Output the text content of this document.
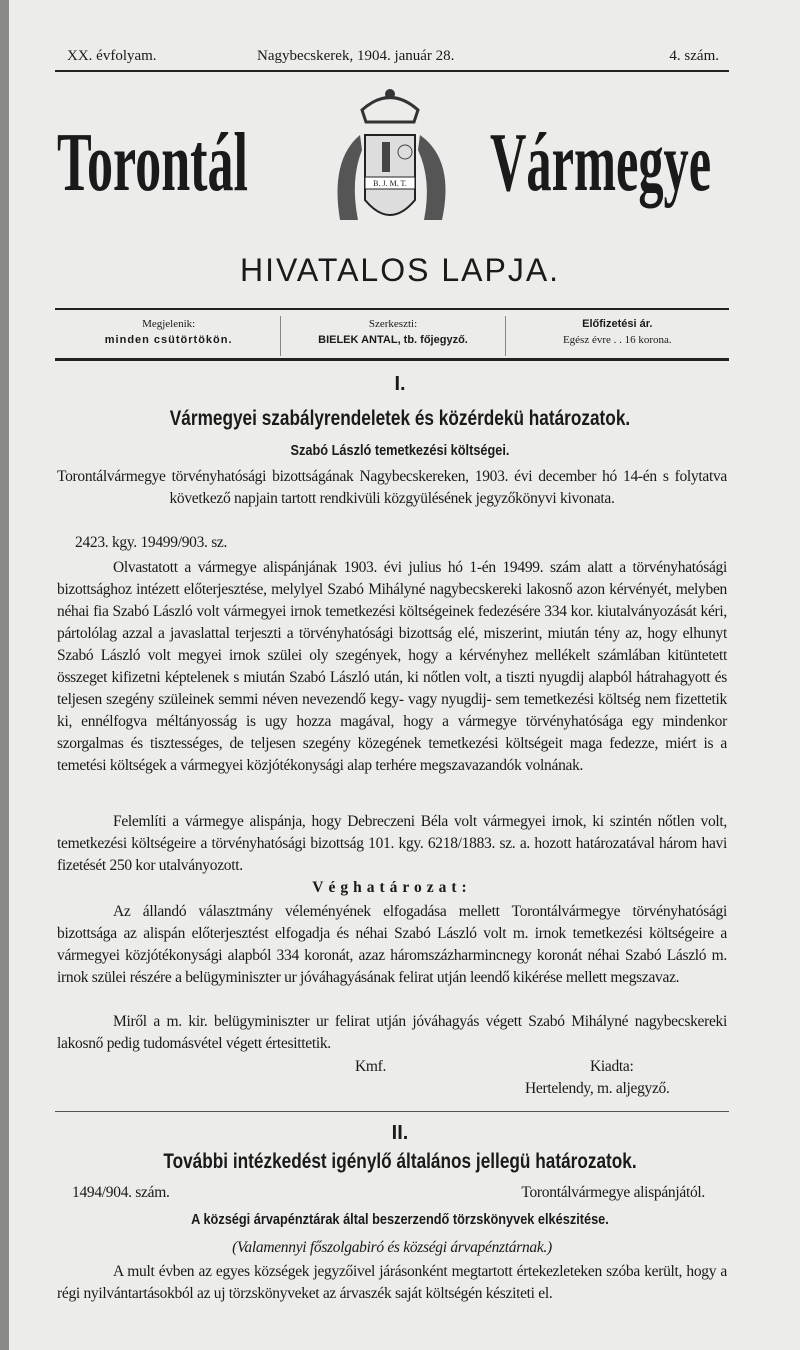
XX. évfolyam.	Nagybecskerek, 1904. január 28.	4. szám.
Torontál	B. J. M. T. Vármegye
HIVATALOS LAPJA.
Megjelenik:
minden csütörtökön.
Szerkeszti:
BIELEK ANTAL, tb. főjegyző.
Előfizetési ár.
Egész évre . . 16 korona.
I.
Vármegyei szabályrendeletek és közérdekü határozatok.
Szabó László temetkezési költségei.
Torontálvármegye törvényhatósági bizottságának Nagybecskereken, 1903. évi december hó 14-én s folytatva következő napjain tartott rendkivüli közgyülésének jegyzőkönyvi kivonata.
2423. kgy. 19499/903. sz.
Olvastatott a vármegye alispánjának 1903. évi julius hó 1-én 19499. szám alatt a törvényhatósági bizottsághoz intézett előterjesztése, melylyel Szabó Mihályné nagybecskereki lakosnő azon kérvényét, melyben néhai fia Szabó László volt vármegyei irnok temetkezési költségeinek fedezésére 334 kor. kiutalványozását kéri, pártolólag azzal a javaslattal terjeszti a törvényhatósági bizottság elé, miszerint, miután tény az, hogy elhunyt Szabó László volt megyei irnok szülei oly szegények, hogy a kérvényhez mellékelt számlában kitüntetett összeget kifizetni képtelenek s miután Szabó László után, ki nőtlen volt, a tiszti nyugdij alapból hátrahagyott és teljesen szegény szüleinek semmi néven nevezendő kegy- vagy nyugdij- sem temetkezési költség nem fizettetik ki, ennélfogva méltányosság is ugy hozza magával, hogy a vármegye törvényhatósága egy mindenkor szorgalmas és tisztességes, de teljesen szegény közegének temetkezési költségeit maga fedezze, miért is a temetési költségek a vármegyei közjótékonysági alap terhére megszavazandók volnának.
Felemlíti a vármegye alispánja, hogy Debreczeni Béla volt vármegyei irnok, ki szintén nőtlen volt, temetkezési költségeire a törvényhatósági bizottság 101. kgy. 6218/1883. sz. a. hozott határozatával három havi fizetését 250 kor utalványozott.
Véghatározat:
Az állandó választmány véleményének elfogadása mellett Torontálvármegye törvényhatósági bizottsága az alispán előterjesztést elfogadja és néhai Szabó László volt m. irnok temetkezési költségeire a vármegyei közjótékonysági alapból 334 koronát, azaz háromszázharmincnegy koronát néhai Szabó László m. irnok szülei részére a belügyminiszter ur jóváhagyásának felirat utján leendő kikérése mellett megszavaz.
Miről a m. kir. belügyminiszter ur felirat utján jóváhagyás végett Szabó Mihályné nagybecskereki lakosnő pedig tudomásvétel végett értesittetik.
Kmf.	Kiadta:
Hertelendy, m. aljegyző.
II.
További intézkedést igénylő általános jellegü határozatok.
1494/904. szám.	Torontálvármegye alispánjától.
A községi árvapénztárak által beszerzendő törzskönyvek elkészitése.
(Valamennyi főszolgabiró és községi árvapénztárnak.)
A mult évben az egyes községek jegyzőivel járásonként megtartott értekezleteken szóba került, hogy a régi nyilvántartásokból az uj törzskönyveket az árvaszék saját költségén késziteti el.
